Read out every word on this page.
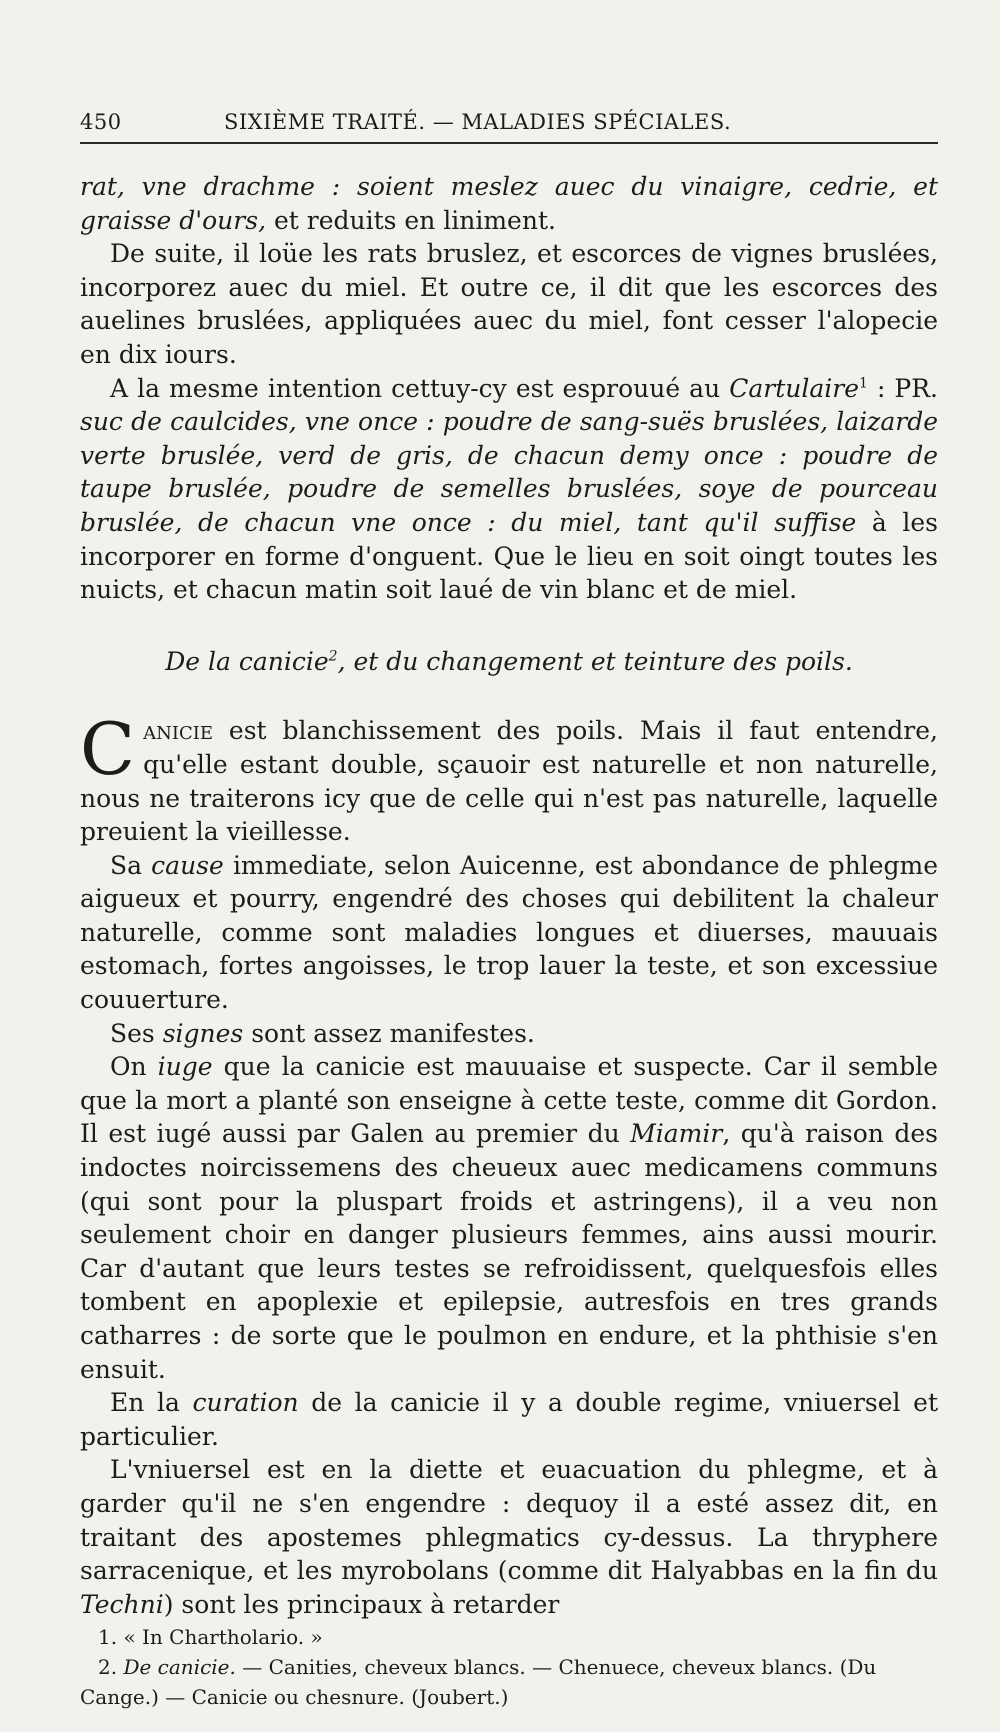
450	SIXIÈME TRAITÉ. — MALADIES SPÉCIALES.

rat, vne drachme : soient meslez auec du vinaigre, cedrie, et graisse d'ours, et reduits en liniment.

De suite, il loüe les rats bruslez, et escorces de vignes bruslées, incorporez auec du miel. Et outre ce, il dit que les escorces des auelines bruslées, appliquées auec du miel, font cesser l'alopecie en dix iours.

A la mesme intention cettuy-cy est esprouué au Cartulaire$^1$ : PR. suc de caulcides, vne once : poudre de sang-suës bruslées, laizarde verte bruslée, verd de gris, de chacun demy once : poudre de taupe bruslée, poudre de semelles bruslées, soye de pourceau bruslée, de chacun vne once : du miel, tant qu'il suffise à les incorporer en forme d'onguent. Que le lieu en soit oingt toutes les nuicts, et chacun matin soit laué de vin blanc et de miel.

De la canicie$^2$, et du changement et teinture des poils.

Canicie est blanchissement des poils. Mais il faut entendre, qu'elle estant double, sçauoir est naturelle et non naturelle, nous ne traiterons icy que de celle qui n'est pas naturelle, laquelle preuient la vieillesse.

Sa cause immediate, selon Auicenne, est abondance de phlegme aigueux et pourry, engendré des choses qui debilitent la chaleur naturelle, comme sont maladies longues et diuerses, mauuais estomach, fortes angoisses, le trop lauer la teste, et son excessiue couuerture.

Ses signes sont assez manifestes.

On iuge que la canicie est mauuaise et suspecte. Car il semble que la mort a planté son enseigne à cette teste, comme dit Gordon. Il est iugé aussi par Galen au premier du Miamir, qu'à raison des indoctes noircissemens des cheueux auec medicamens communs (qui sont pour la pluspart froids et astringens), il a veu non seulement choir en danger plusieurs femmes, ains aussi mourir. Car d'autant que leurs testes se refroidissent, quelquesfois elles tombent en apoplexie et epilepsie, autresfois en tres grands catharres : de sorte que le poulmon en endure, et la phthisie s'en ensuit.

En la curation de la canicie il y a double regime, vniuersel et particulier.

L'vniuersel est en la diette et euacuation du phlegme, et à garder qu'il ne s'en engendre : dequoy il a esté assez dit, en traitant des apostemes phlegmatics cy-dessus. La thryphere sarracenique, et les myrobolans (comme dit Halyabbas en la fin du Techni) sont les principaux à retarder

1. « In Chartholario. »

2. De canicie. — Canities, cheveux blancs. — Chenuece, cheveux blancs. (Du Cange.) — Canicie ou chesnure. (Joubert.)
